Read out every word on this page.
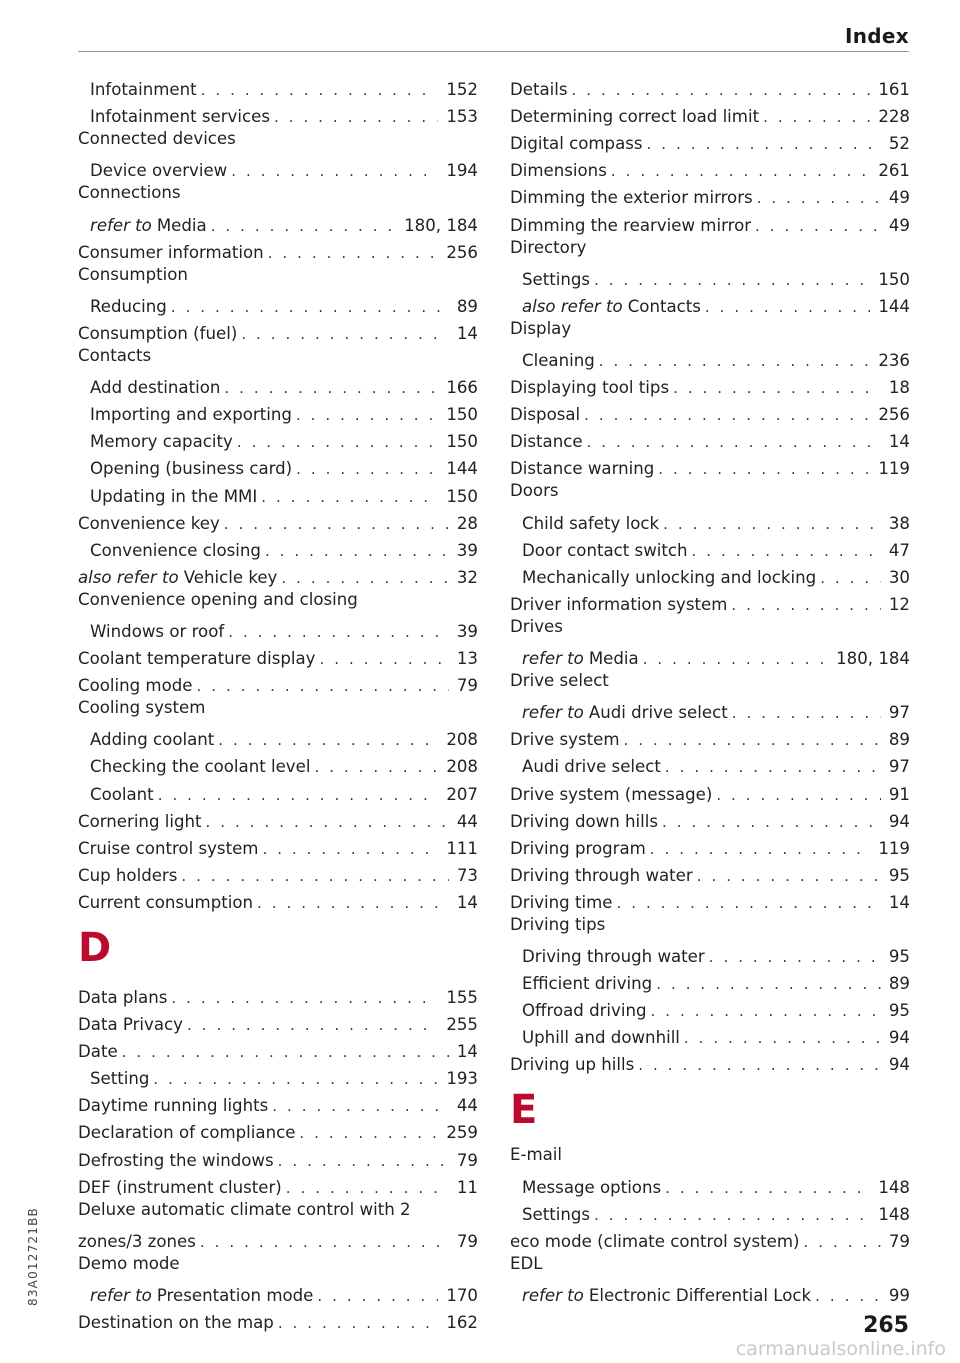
Index
Infotainment . . .	152
Infotainment services . . .	153
Connected devices
Device overview . . .	194
Connections
refer to Media . . .	180, 184
Consumer information . . .	256
Consumption
Reducing . . .	89
Consumption (fuel) . . .	14
Contacts
Add destination . . .	166
Importing and exporting . . .	150
Memory capacity . . .	150
Opening (business card) . . .	144
Updating in the MMI . . .	150
Convenience key . . .	28
Convenience closing . . .	39
also refer to Vehicle key . . .	32
Convenience opening and closing
Windows or roof . . .	39
Coolant temperature display . . .	13
Cooling mode . . .	79
Cooling system
Adding coolant . . .	208
Checking the coolant level . . .	208
Coolant . . .	207
Cornering light . . .	44
Cruise control system . . .	111
Cup holders . . .	73
Current consumption . . .	14
D
Data plans . . .	155
Data Privacy . . .	255
Date . . .	14
Setting . . .	193
Daytime running lights . . .	44
Declaration of compliance . . .	259
Defrosting the windows . . .	79
DEF (instrument cluster) . . .	11
Deluxe automatic climate control with 2
zones/3 zones . . .	79
Demo mode
refer to Presentation mode . . .	170
Destination on the map . . .	162
Details . . .	161
Determining correct load limit . . .	228
Digital compass . . .	52
Dimensions . . .	261
Dimming the exterior mirrors . . .	49
Dimming the rearview mirror . . .	49
Directory
Settings . . .	150
also refer to Contacts . . .	144
Display
Cleaning . . .	236
Displaying tool tips . . .	18
Disposal . . .	256
Distance . . .	14
Distance warning . . .	119
Doors
Child safety lock . . .	38
Door contact switch . . .	47
Mechanically unlocking and locking . . .	30
Driver information system . . .	12
Drives
refer to Media . . .	180, 184
Drive select
refer to Audi drive select . . .	97
Drive system . . .	89
Audi drive select . . .	97
Drive system (message) . . .	91
Driving down hills . . .	94
Driving program . . .	119
Driving through water . . .	95
Driving time . . .	14
Driving tips
Driving through water . . .	95
Efficient driving . . .	89
Offroad driving . . .	95
Uphill and downhill . . .	94
Driving up hills . . .	94
E
E-mail
Message options . . .	148
Settings . . .	148
eco mode (climate control system) . . .	79
EDL
refer to Electronic Differential Lock . . .	99
83A012721BB
265
carmanualsonline.info
